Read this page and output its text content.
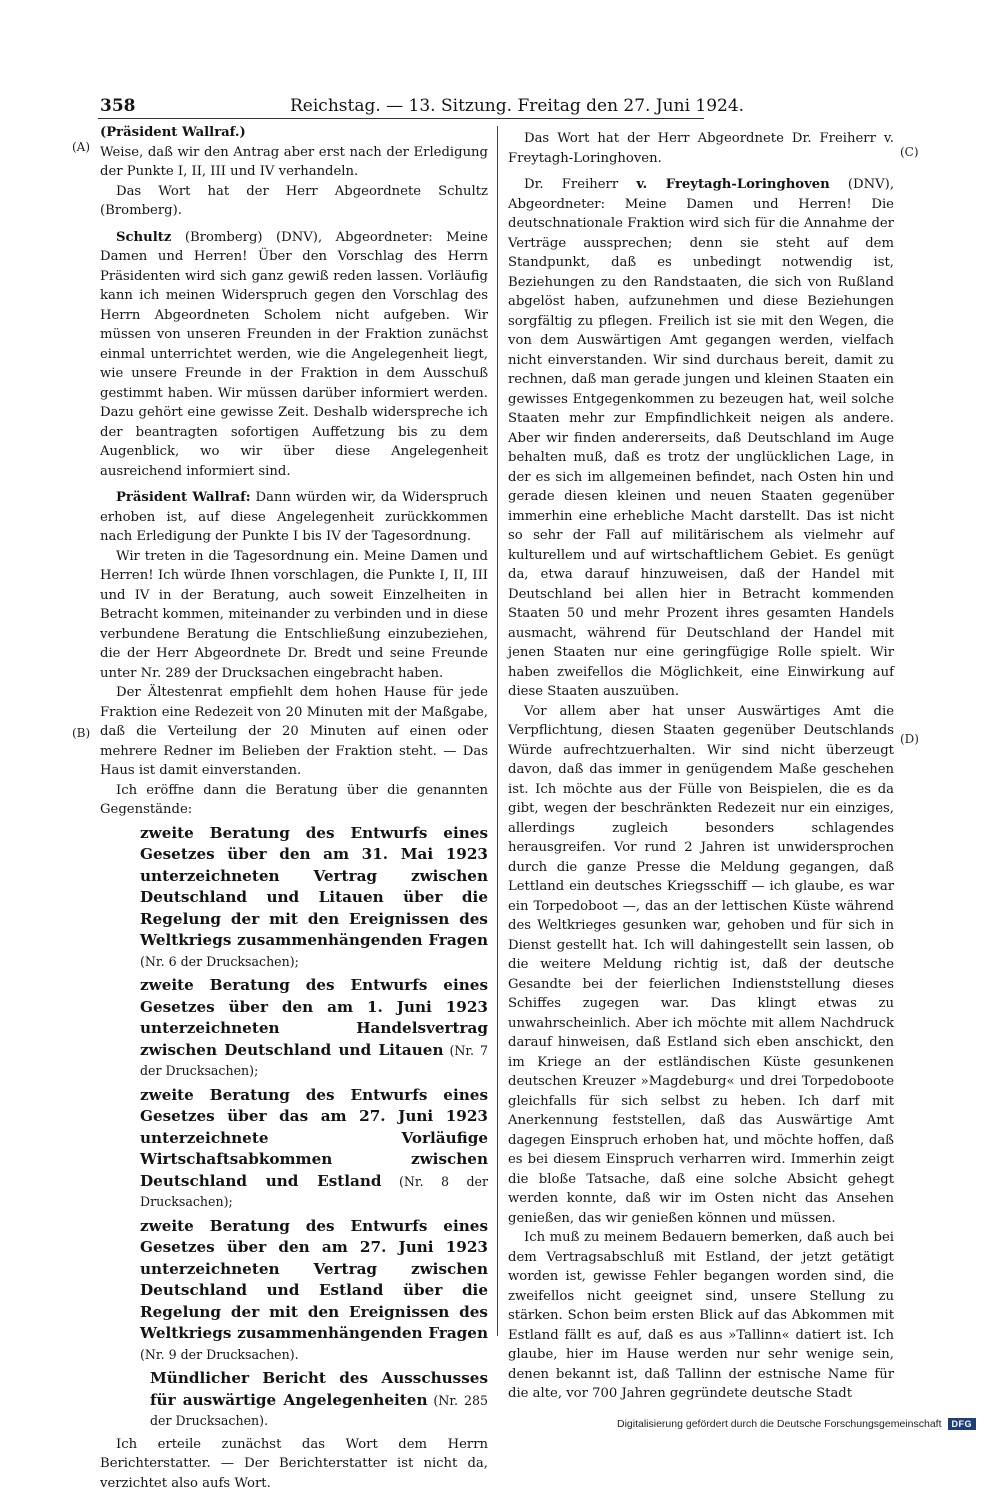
358	Reichstag. — 13. Sitzung. Freitag den 27. Juni 1924.
(A)
(B)
(C)
(D)

(Präsident Wallraf.)

Weise, daß wir den Antrag aber erst nach der Erledigung der Punkte I, II, III und IV verhandeln.

Das Wort hat der Herr Abgeordnete Schultz (Bromberg).

Schultz (Bromberg) (DNV), Abgeordneter: Meine Damen und Herren! Über den Vorschlag des Herrn Präsidenten wird sich ganz gewiß reden lassen. Vorläufig kann ich meinen Widerspruch gegen den Vorschlag des Herrn Abgeordneten Scholem nicht aufgeben. Wir müssen von unseren Freunden in der Fraktion zunächst einmal unterrichtet werden, wie die Angelegenheit liegt, wie unsere Freunde in der Fraktion in dem Ausschuß gestimmt haben. Wir müssen darüber informiert werden. Dazu gehört eine gewisse Zeit. Deshalb widerspreche ich der beantragten sofortigen Auffetzung bis zu dem Augenblick, wo wir über diese Angelegenheit ausreichend informiert sind.

Präsident Wallraf: Dann würden wir, da Widerspruch erhoben ist, auf diese Angelegenheit zurückkommen nach Erledigung der Punkte I bis IV der Tagesordnung.

Wir treten in die Tagesordnung ein. Meine Damen und Herren! Ich würde Ihnen vorschlagen, die Punkte I, II, III und IV in der Beratung, auch soweit Einzelheiten in Betracht kommen, miteinander zu verbinden und in diese verbundene Beratung die Entschließung einzubeziehen, die der Herr Abgeordnete Dr. Bredt und seine Freunde unter Nr. 289 der Drucksachen eingebracht haben.

Der Ältestenrat empfiehlt dem hohen Hause für jede Fraktion eine Redezeit von 20 Minuten mit der Maßgabe, daß die Verteilung der 20 Minuten auf einen oder mehrere Redner im Belieben der Fraktion steht. — Das Haus ist damit einverstanden.

Ich eröffne dann die Beratung über die genannten Gegenstände:

zweite Beratung des Entwurfs eines Gesetzes über den am 31. Mai 1923 unterzeichneten Vertrag zwischen Deutschland und Litauen über die Regelung der mit den Ereignissen des Weltkriegs zusammenhängenden Fragen (Nr. 6 der Drucksachen);

zweite Beratung des Entwurfs eines Gesetzes über den am 1. Juni 1923 unterzeichneten Handelsvertrag zwischen Deutschland und Litauen (Nr. 7 der Drucksachen);

zweite Beratung des Entwurfs eines Gesetzes über das am 27. Juni 1923 unterzeichnete Vorläufige Wirtschaftsabkommen zwischen Deutschland und Estland (Nr. 8 der Drucksachen);

zweite Beratung des Entwurfs eines Gesetzes über den am 27. Juni 1923 unterzeichneten Vertrag zwischen Deutschland und Estland über die Regelung der mit den Ereignissen des Weltkriegs zusammenhängenden Fragen (Nr. 9 der Drucksachen).

Mündlicher Bericht des Ausschusses für auswärtige Angelegenheiten (Nr. 285 der Drucksachen).

Ich erteile zunächst das Wort dem Herrn Berichterstatter. — Der Berichterstatter ist nicht da, verzichtet also aufs Wort.

Das Wort hat der Herr Abgeordnete Dr. Freiherr v. Freytagh-Loringhoven.

Dr. Freiherr v. Freytagh-Loringhoven (DNV), Abgeordneter: Meine Damen und Herren! Die deutschnationale Fraktion wird sich für die Annahme der Verträge aussprechen; denn sie steht auf dem Standpunkt, daß es unbedingt notwendig ist, Beziehungen zu den Randstaaten, die sich von Rußland abgelöst haben, aufzunehmen und diese Beziehungen sorgfältig zu pflegen. Freilich ist sie mit den Wegen, die von dem Auswärtigen Amt gegangen werden, vielfach nicht einverstanden. Wir sind durchaus bereit, damit zu rechnen, daß man gerade jungen und kleinen Staaten ein gewisses Entgegenkommen zu bezeugen hat, weil solche Staaten mehr zur Empfindlichkeit neigen als andere. Aber wir finden andererseits, daß Deutschland im Auge behalten muß, daß es trotz der unglücklichen Lage, in der es sich im allgemeinen befindet, nach Osten hin und gerade diesen kleinen und neuen Staaten gegenüber immerhin eine erhebliche Macht darstellt. Das ist nicht so sehr der Fall auf militärischem als vielmehr auf kulturellem und auf wirtschaftlichem Gebiet. Es genügt da, etwa darauf hinzuweisen, daß der Handel mit Deutschland bei allen hier in Betracht kommenden Staaten 50 und mehr Prozent ihres gesamten Handels ausmacht, während für Deutschland der Handel mit jenen Staaten nur eine geringfügige Rolle spielt. Wir haben zweifellos die Möglichkeit, eine Einwirkung auf diese Staaten auszuüben.

Vor allem aber hat unser Auswärtiges Amt die Verpflichtung, diesen Staaten gegenüber Deutschlands Würde aufrechtzuerhalten. Wir sind nicht überzeugt davon, daß das immer in genügendem Maße geschehen ist. Ich möchte aus der Fülle von Beispielen, die es da gibt, wegen der beschränkten Redezeit nur ein einziges, allerdings zugleich besonders schlagendes herausgreifen. Vor rund 2 Jahren ist unwidersprochen durch die ganze Presse die Meldung gegangen, daß Lettland ein deutsches Kriegsschiff — ich glaube, es war ein Torpedoboot —, das an der lettischen Küste während des Weltkrieges gesunken war, gehoben und für sich in Dienst gestellt hat. Ich will dahingestellt sein lassen, ob die weitere Meldung richtig ist, daß der deutsche Gesandte bei der feierlichen Indienststellung dieses Schiffes zugegen war. Das klingt etwas zu unwahrscheinlich. Aber ich möchte mit allem Nachdruck darauf hinweisen, daß Estland sich eben anschickt, den im Kriege an der estländischen Küste gesunkenen deutschen Kreuzer »Magdeburg« und drei Torpedoboote gleichfalls für sich selbst zu heben. Ich darf mit Anerkennung feststellen, daß das Auswärtige Amt dagegen Einspruch erhoben hat, und möchte hoffen, daß es bei diesem Einspruch verharren wird. Immerhin zeigt die bloße Tatsache, daß eine solche Absicht gehegt werden konnte, daß wir im Osten nicht das Ansehen genießen, das wir genießen können und müssen.

Ich muß zu meinem Bedauern bemerken, daß auch bei dem Vertragsabschluß mit Estland, der jetzt getätigt worden ist, gewisse Fehler begangen worden sind, die zweifellos nicht geeignet sind, unsere Stellung zu stärken. Schon beim ersten Blick auf das Abkommen mit Estland fällt es auf, daß es aus »Tallinn« datiert ist. Ich glaube, hier im Hause werden nur sehr wenige sein, denen bekannt ist, daß Tallinn der estnische Name für die alte, vor 700 Jahren gegründete deutsche Stadt

Digitalisierung gefördert durch die Deutsche Forschungsgemeinschaft	DFG
